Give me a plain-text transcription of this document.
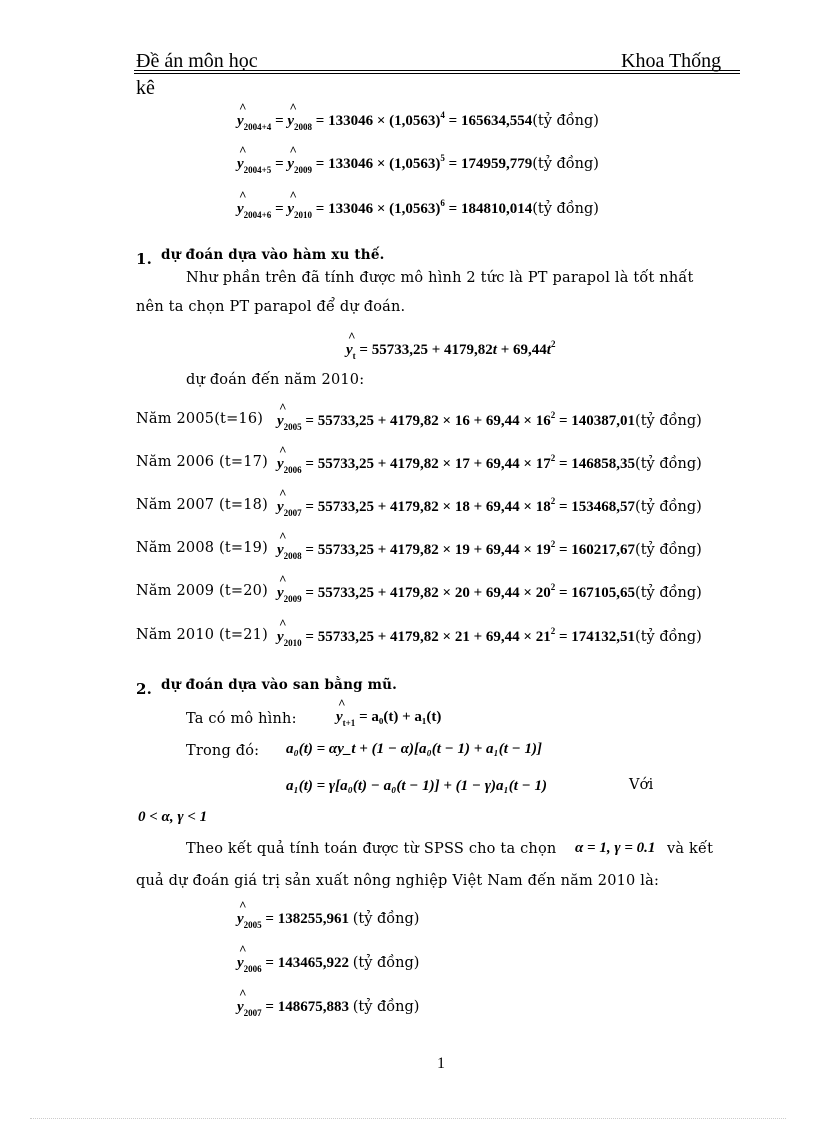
Đề án môn học	Khoa Thống
kê
^ $y_{2004+4}$ = ^ $y_{2008} = 133046 \times (1,0563)^4$ = 165634,554(tỷ đồng)
^ $y_{2004+5}$ = ^ $y_{2009} = 133046 \times (1,0563)^5$ = 174959,779(tỷ đồng)
^ $y_{2004+6}$ = ^ $y_{2010} = 133046 \times (1,0563)^6$ = 184810,014(tỷ đồng)
1. dự đoán dựa vào hàm xu thế.
Như phần trên đã tính được mô hình 2 tức là PT parapol là tốt nhất
nên ta chọn PT parapol để dự đoán.
^ $y_t = 55733,25 + 4179,82t + 69,44t^2$
dự đoán đến năm 2010:
Năm 2005(t=16) ^ $y_{2005} = 55733,25 + 4179,82 \times 16 + 69,44 \times 16^2$ = 140387,01(tỷ đồng)
Năm 2006 (t=17) ^ $y_{2006} = 55733,25 + 4179,82 \times 17 + 69,44 \times 17^2$ = 146858,35(tỷ đồng)
Năm 2007 (t=18) ^ $y_{2007} = 55733,25 + 4179,82 \times 18 + 69,44 \times 18^2$ = 153468,57(tỷ đồng)
Năm 2008 (t=19) ^ $y_{2008} = 55733,25 + 4179,82 \times 19 + 69,44 \times 19^2$ = 160217,67(tỷ đồng)
Năm 2009 (t=20) ^ $y_{2009} = 55733,25 + 4179,82 \times 20 + 69,44 \times 20^2$ = 167105,65(tỷ đồng)
Năm 2010 (t=21) ^ $y_{2010} = 55733,25 + 4179,82 \times 21 + 69,44 \times 21^2$ = 174132,51(tỷ đồng)
2. dự đoán dựa vào san bằng mũ.
Ta có mô hình:	^ $y_{t+1} = a_0(t) + a_1(t)$
Trong đó: a₀(t) = αy_t + (1 − α)[a₀(t − 1) + a₁(t − 1)]
a₁(t) = γ[a₀(t) − a₀(t − 1)] + (1 − γ)a₁(t − 1)	Với
0 < α, γ < 1
Theo kết quả tính toán được từ SPSS cho ta chọn α = 1, γ = 0.1 và kết
quả dự đoán giá trị sản xuất nông nghiệp Việt Nam đến năm 2010 là:
^ $y_{2005} = 138255,961$ (tỷ đồng)
^ $y_{2006} = 143465,922$ (tỷ đồng)
^ $y_{2007} = 148675,883$ (tỷ đồng)
1
